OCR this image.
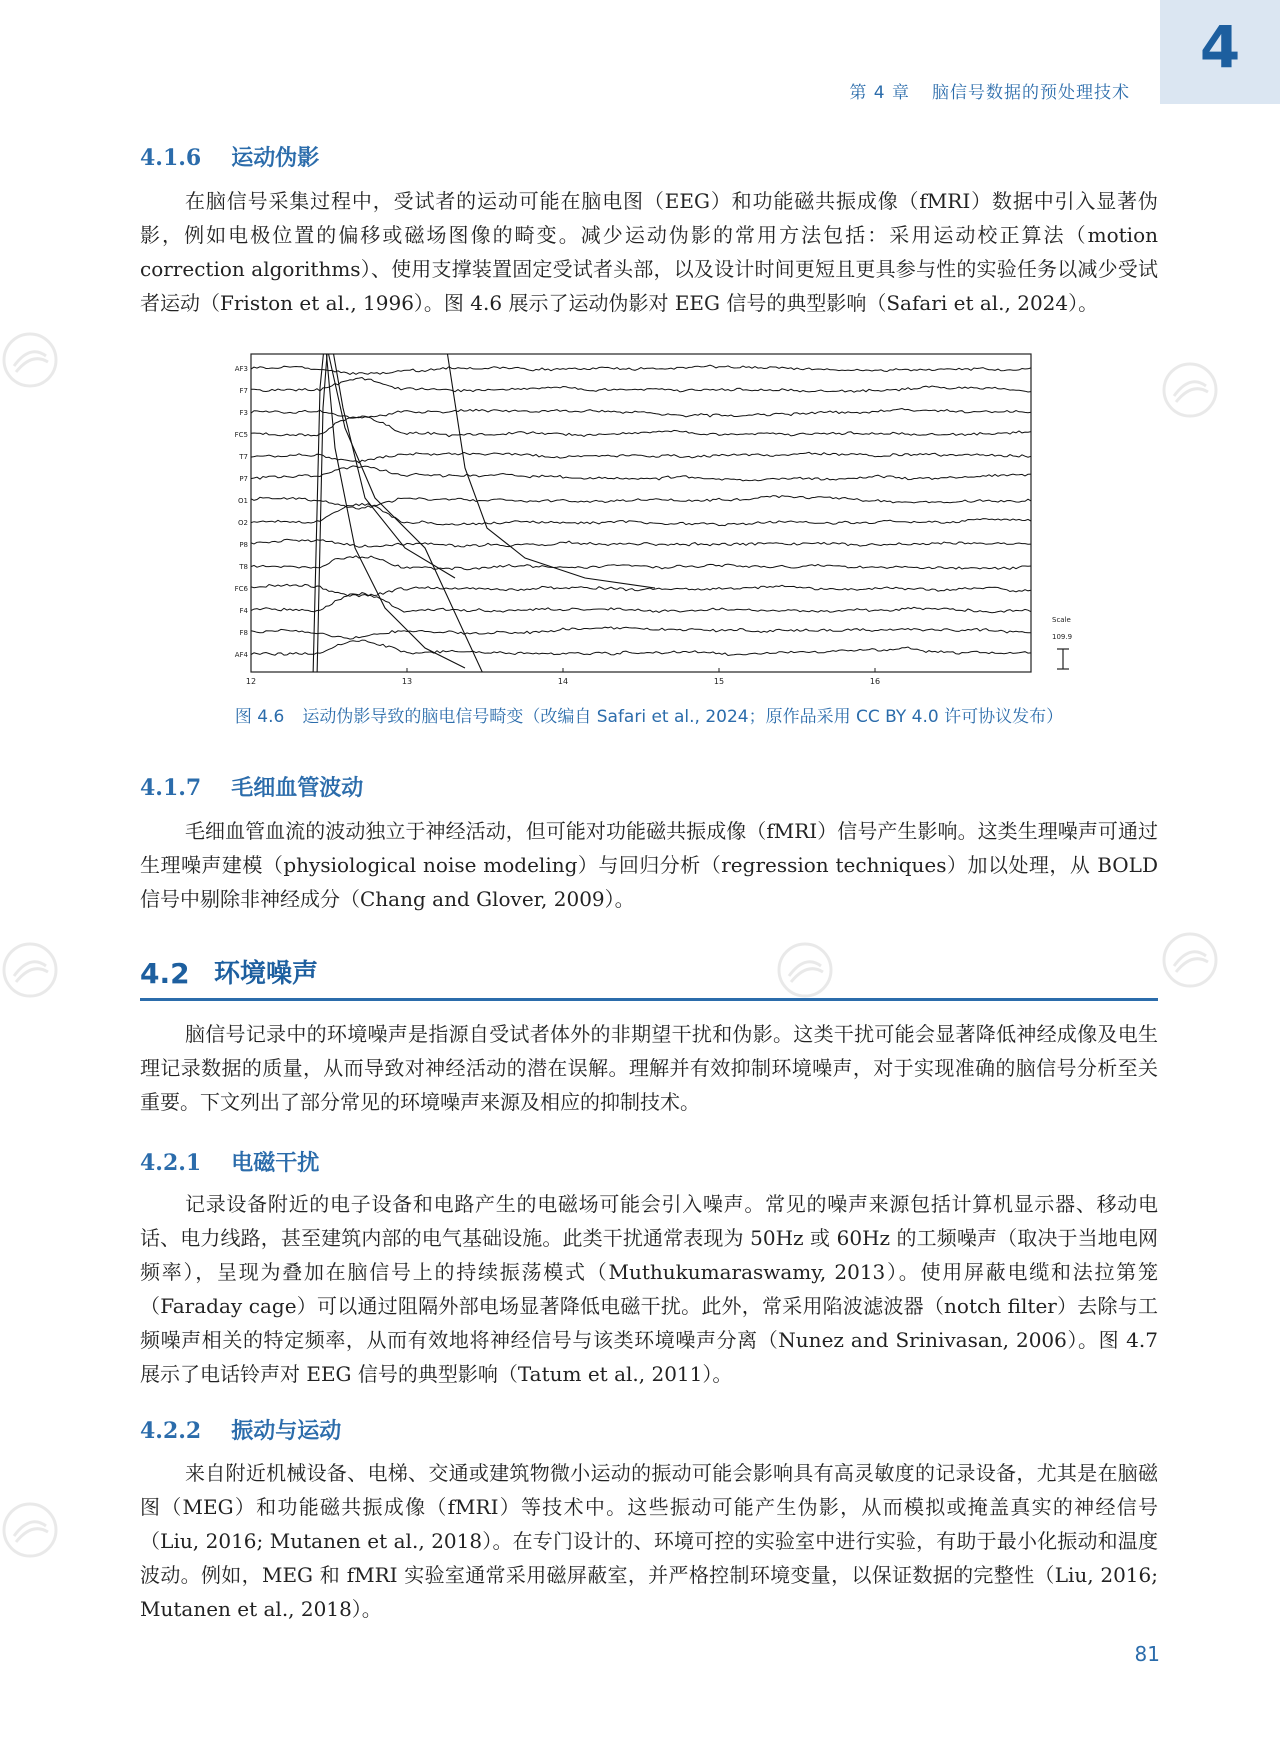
4
第 4 章 脑信号数据的预处理技术
4.1.6 运动伪影

在脑信号采集过程中，受试者的运动可能在脑电图（EEG）和功能磁共振成像（fMRI）数据中引入显著伪影，例如电极位置的偏移或磁场图像的畸变。减少运动伪影的常用方法包括：采用运动校正算法（motion correction algorithms）、使用支撑装置固定受试者头部，以及设计时间更短且更具参与性的实验任务以减少受试者运动（Friston et al., 1996）。图 4.6 展示了运动伪影对 EEG 信号的典型影响（Safari et al., 2024）。

AF3
F7
F3
FC5
T7
P7
O1
O2
P8
T8
FC6
F4
F8
AF4
12	13	14	15	16
Scale
109.9
图 4.6 运动伪影导致的脑电信号畸变（改编自 Safari et al., 2024；原作品采用 CC BY 4.0 许可协议发布）
4.1.7 毛细血管波动

毛细血管血流的波动独立于神经活动，但可能对功能磁共振成像（fMRI）信号产生影响。这类生理噪声可通过生理噪声建模（physiological noise modeling）与回归分析（regression techniques）加以处理，从 BOLD 信号中剔除非神经成分（Chang and Glover, 2009）。

4.2 环境噪声

脑信号记录中的环境噪声是指源自受试者体外的非期望干扰和伪影。这类干扰可能会显著降低神经成像及电生理记录数据的质量，从而导致对神经活动的潜在误解。理解并有效抑制环境噪声，对于实现准确的脑信号分析至关重要。下文列出了部分常见的环境噪声来源及相应的抑制技术。

4.2.1 电磁干扰

记录设备附近的电子设备和电路产生的电磁场可能会引入噪声。常见的噪声来源包括计算机显示器、移动电话、电力线路，甚至建筑内部的电气基础设施。此类干扰通常表现为 50Hz 或 60Hz 的工频噪声（取决于当地电网频率），呈现为叠加在脑信号上的持续振荡模式（Muthukumaraswamy, 2013）。使用屏蔽电缆和法拉第笼（Faraday cage）可以通过阻隔外部电场显著降低电磁干扰。此外，常采用陷波滤波器（notch filter）去除与工频噪声相关的特定频率，从而有效地将神经信号与该类环境噪声分离（Nunez and Srinivasan, 2006）。图 4.7 展示了电话铃声对 EEG 信号的典型影响（Tatum et al., 2011）。

4.2.2 振动与运动

来自附近机械设备、电梯、交通或建筑物微小运动的振动可能会影响具有高灵敏度的记录设备，尤其是在脑磁图（MEG）和功能磁共振成像（fMRI）等技术中。这些振动可能产生伪影，从而模拟或掩盖真实的神经信号（Liu, 2016; Mutanen et al., 2018）。在专门设计的、环境可控的实验室中进行实验，有助于最小化振动和温度波动。例如，MEG 和 fMRI 实验室通常采用磁屏蔽室，并严格控制环境变量，以保证数据的完整性（Liu, 2016; Mutanen et al., 2018）。

81
